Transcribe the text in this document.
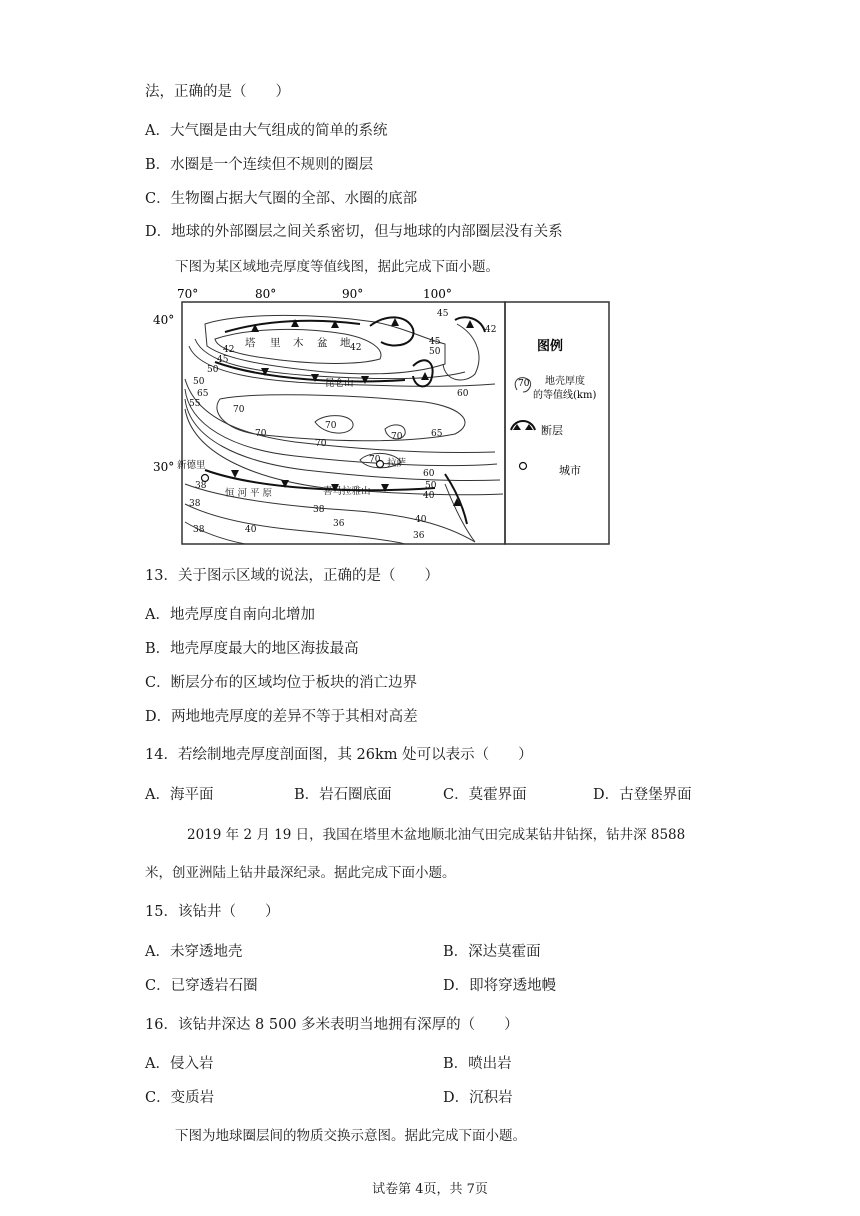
法，正确的是（　　）
A．大气圈是由大气组成的简单的系统
B．水圈是一个连续但不规则的圈层
C．生物圈占据大气圈的全部、水圈的底部
D．地球的外部圈层之间关系密切，但与地球的内部圈层没有关系
下图为某区域地壳厚度等值线图，据此完成下面小题。
70°	80°	90°	100°
40°
30°
塔 里 木 盆 地
昆仑山
喜马拉雅山
新德里	拉萨
恒 河 平 原
45
42
45
50
42	42
45
50
50
65
55
70
60
70
70
70	65
70
70
60
50
40
38
38
38
38
40
36	40
36
图例
70 地壳厚度
的等值线(km)
断层
城市
13．关于图示区域的说法，正确的是（　　）
A．地壳厚度自南向北增加
B．地壳厚度最大的地区海拔最高
C．断层分布的区域均位于板块的消亡边界
D．两地地壳厚度的差异不等于其相对高差
14．若绘制地壳厚度剖面图，其 26km 处可以表示（　　）
A．海平面	B．岩石圈底面	C．莫霍界面	D．古登堡界面
2019 年 2 月 19 日，我国在塔里木盆地顺北油气田完成某钻井钻探，钻井深 8588
米，创亚洲陆上钻井最深纪录。据此完成下面小题。
15．该钻井（　　）
A．未穿透地壳	B．深达莫霍面
C．已穿透岩石圈	D．即将穿透地幔
16．该钻井深达 8 500 多米表明当地拥有深厚的（　　）
A．侵入岩	B．喷出岩
C．变质岩	D．沉积岩
下图为地球圈层间的物质交换示意图。据此完成下面小题。
试卷第 4页，共 7页
